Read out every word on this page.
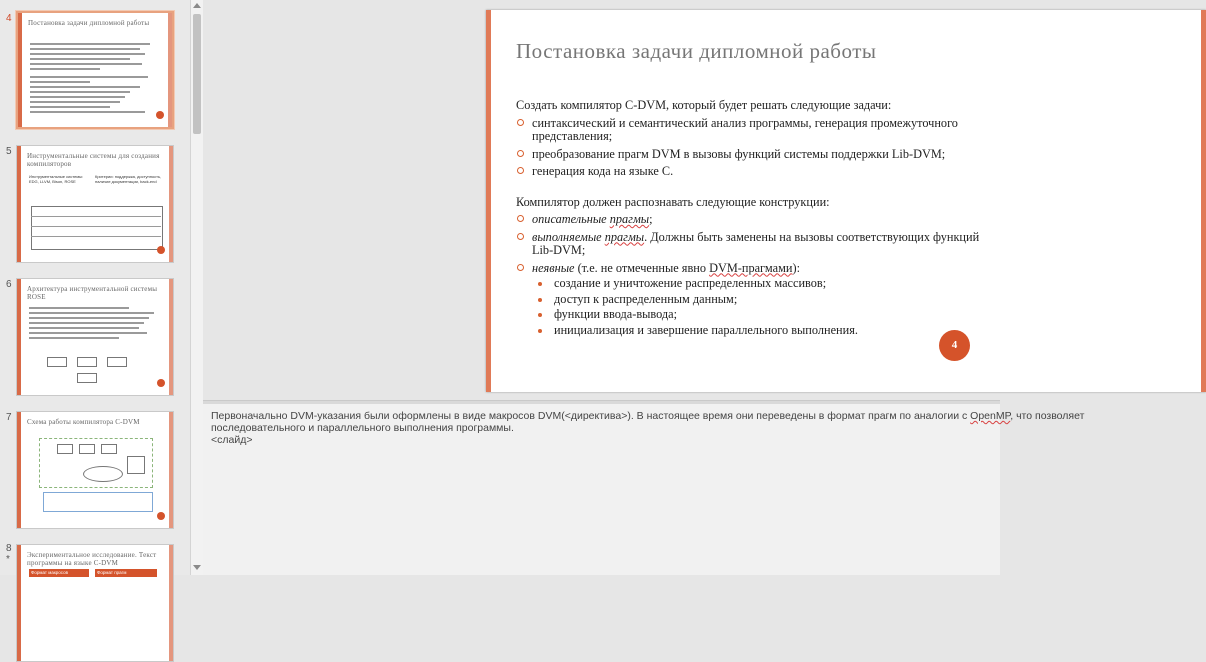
4 Постановка задачи дипломной работы
5 Инструментальные системы для создания компиляторов
Инструментальные системы: EDG, LLVM, Bison, ROSE
Критерии: поддержка, доступность, наличие документации, back-end
6 Архитектура инструментальной системы ROSE
7 Схема работы компилятора C-DVM
8
* Экспериментальное исследование. Текст программы на языке C-DVM
Формат макросов	Формат прагм
Постановка задачи дипломной работы

Создать компилятор C-DVM, который будет решать следующие задачи:

синтаксический и семантический анализ программы, генерация промежуточного представления;
преобразование прагм DVM в вызовы функций системы поддержки Lib-DVM;
генерация кода на языке С.

Компилятор должен распознавать следующие конструкции:

описательные прагмы;
выполняемые прагмы. Должны быть заменены на вызовы соответствующих функций Lib-DVM;
неявные (т.е. не отмеченные явно DVM-прагмами):
создание и уничтожение распределенных массивов;
доступ к распределенным данным;
функции ввода-вывода;
инициализация и завершение параллельного выполнения.
4

Первоначально DVM-указания были оформлены в виде макросов DVM(<директива>). В настоящее время они переведены в формат прагм по аналогии с OpenMP, что позволяет

последовательного и параллельного выполнения программы.

<слайд>
